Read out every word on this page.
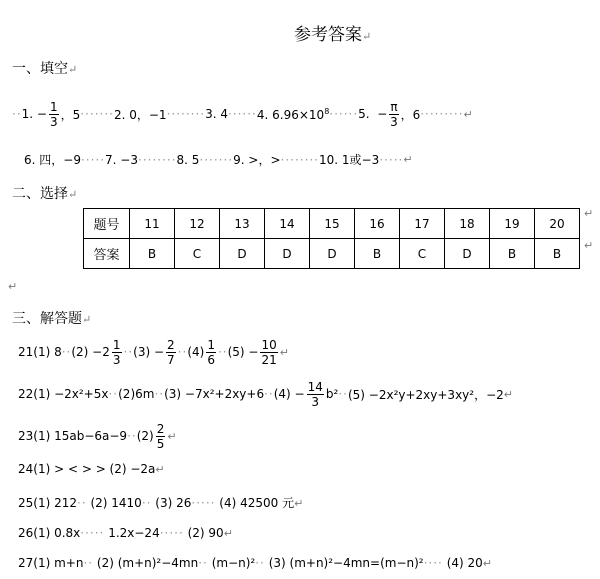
参考答案↵
一、填空↵
·· 1.
− $\frac{1}{3}$ ，5 ······· 2. 0，−1 ········ 3. 4 ······ 4. $6.96\times 10^8$ ······ 5.
− $\frac{\pi}{3}$ ，6 ········· ↵
6. 四，−9 ····· 7. −3 ········ 8. 5 ······· 9. >，> ········ 10. 1或−3 ····· ↵
二、选择↵
题号	11	12	13	14	15	16	17	18	19	20
答案	B	C	D	D	D	B	C	D	B	B
↵
↵
↵
三、解答题↵
21(1) $8 \cdot\cdot (2) -2 \frac{1}{3} \cdot\cdot (3) - \frac{2}{7} \cdot\cdot (4) \frac{1}{6} \cdot\cdot (5) - \frac{10}{21}$ ↵
$22(1) -2x^2+5x \cdot\cdot (2)6m \cdot\cdot (3) -7x^2+2xy+6 \cdot\cdot (4) - \frac{14}{3} b^2 \cdot\cdot (5) -2x^2y+2xy+3xy^2$，−2 ↵
23(1) $15ab-6a-9 \cdot\cdot (2) \frac{2}{5}$ ↵
24(1) > < > > (2) −2a↵
25(1) 212·· (2) 1410·· (3) 26····· (4) 42500 元↵
26(1) 0.8x····· 1.2x−24····· (2) 90↵
27(1) m+n·· (2) (m+n)²−4mn·· (m−n)²·· (3) (m+n)²−4mn=(m−n)²···· (4) 20↵
